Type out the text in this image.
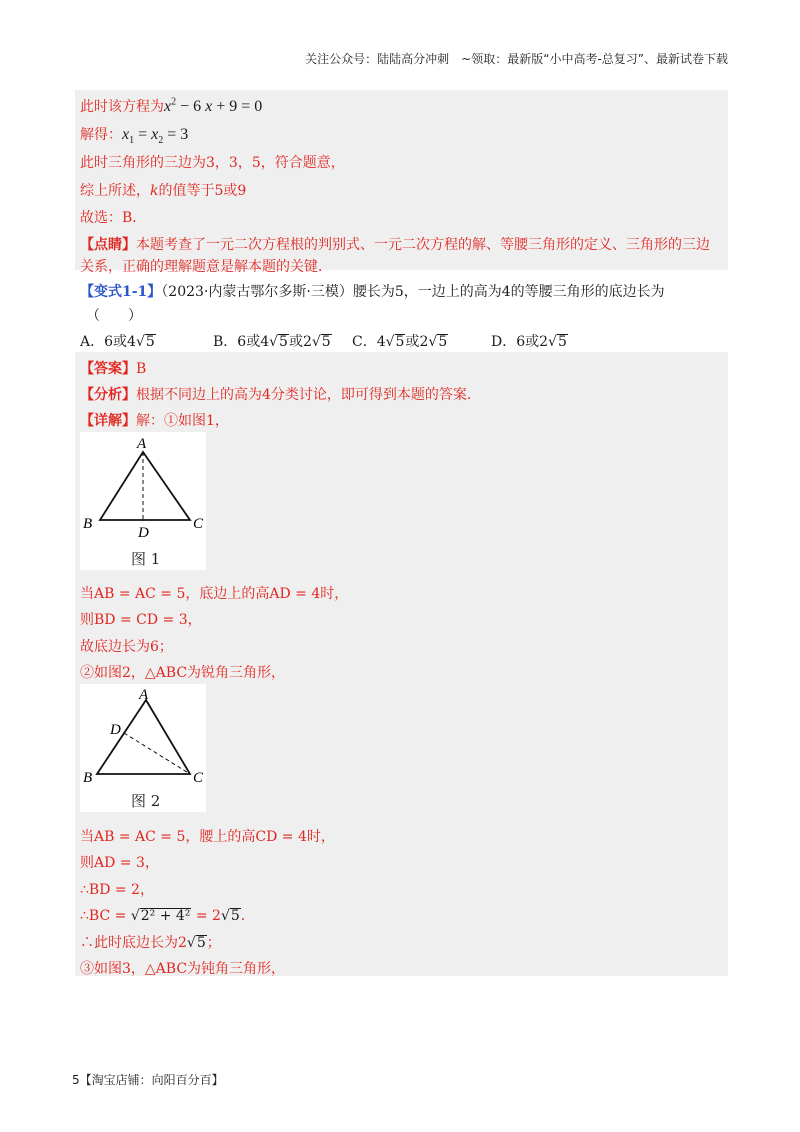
关注公众号：陆陆高分冲刺　~领取：最新版“小中高考-总复习”、最新试卷下载
此时该方程为$x^2 - 6$ x + 9 = 0
解得：$x_1 = x_2 = 3$
此时三角形的三边为3，3，5，符合题意，
综上所述，k的值等于5或9
故选：B．
【点睛】本题考查了一元二次方程根的判别式、一元二次方程的解、等腰三角形的定义、三角形的三边
关系，正确的理解题意是解本题的关键．
【变式1-1】（2023·内蒙古鄂尔多斯·三模）腰长为5，一边上的高为4的等腰三角形的底边长为
（　　）
A．6或4√5	B．6或4√5或2√5 C．4√5或2√5	D．6或2√5
【答案】B
【分析】根据不同边上的高为4分类讨论，即可得到本题的答案．
【详解】解：①如图1，
A
B	C
D
图 1
当AB = AC = 5，底边上的高AD = 4时，
则BD = CD = 3，
故底边长为6；
②如图2，△ABC为锐角三角形，
A
B	C
D
图 2
当AB = AC = 5，腰上的高CD = 4时，
则AD = 3，
∴BD = 2，
∴BC = √2² + 4² = 2√5．
∴此时底边长为2√5；
③如图3，△ABC为钝角三角形，
5【淘宝店铺：向阳百分百】
